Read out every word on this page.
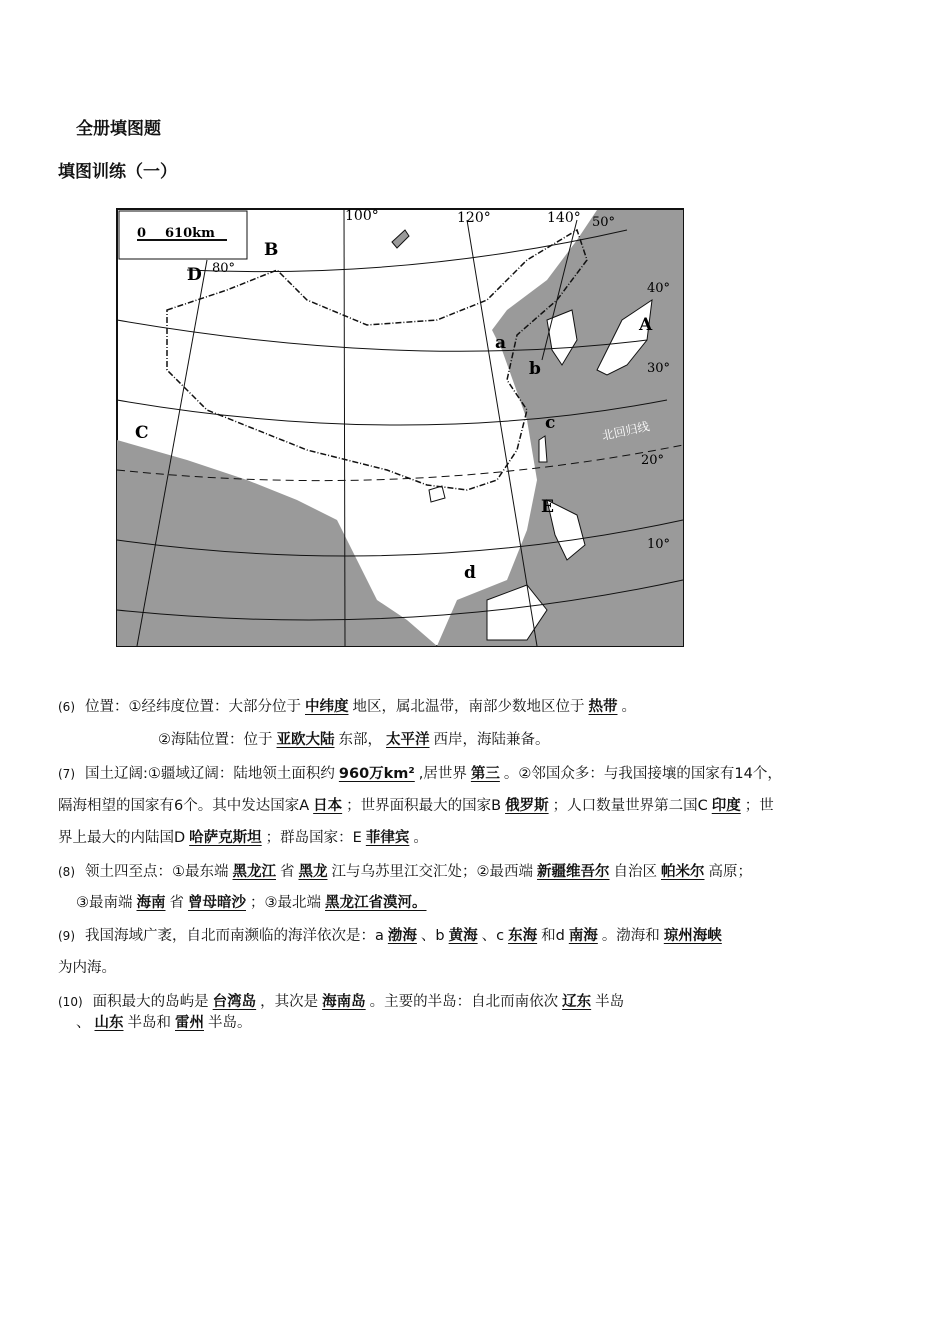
全册填图题
填图训练（一）
0 610km
100°	120°	140°
80°
50°
40°
30°
20°
10°
北回归线
A
B
C
D
E
a
b
c
d
(6) 位置：①经纬度位置：大部分位于 中纬度 地区，属北温带，南部少数地区位于 热带 。
②海陆位置：位于 亚欧大陆 东部， 太平洋 西岸，海陆兼备。
(7) 国土辽阔:①疆域辽阔：陆地领土面积约 960万km² ,居世界 第三 。②邻国众多：与我国接壤的国家有14个，
隔海相望的国家有6个。其中发达国家A 日本 ；世界面积最大的国家B 俄罗斯 ；人口数量世界第二国C 印度 ；世
界上最大的内陆国D 哈萨克斯坦 ；群岛国家：E 菲律宾 。
(8) 领土四至点：①最东端 黑龙江 省 黑龙 江与乌苏里江交汇处；②最西端 新疆维吾尔 自治区 帕米尔 高原；
③最南端 海南 省 曾母暗沙 ；③最北端 黑龙江省漠河。
(9) 我国海域广袤，自北而南濒临的海洋依次是：a 渤海 、b 黄海 、c 东海 和d 南海 。渤海和 琼州海峡
为内海。
(10) 面积最大的岛屿是 台湾岛 ，其次是 海南岛 。主要的半岛：自北而南依次 辽东 半岛
、 山东 半岛和 雷州 半岛。
